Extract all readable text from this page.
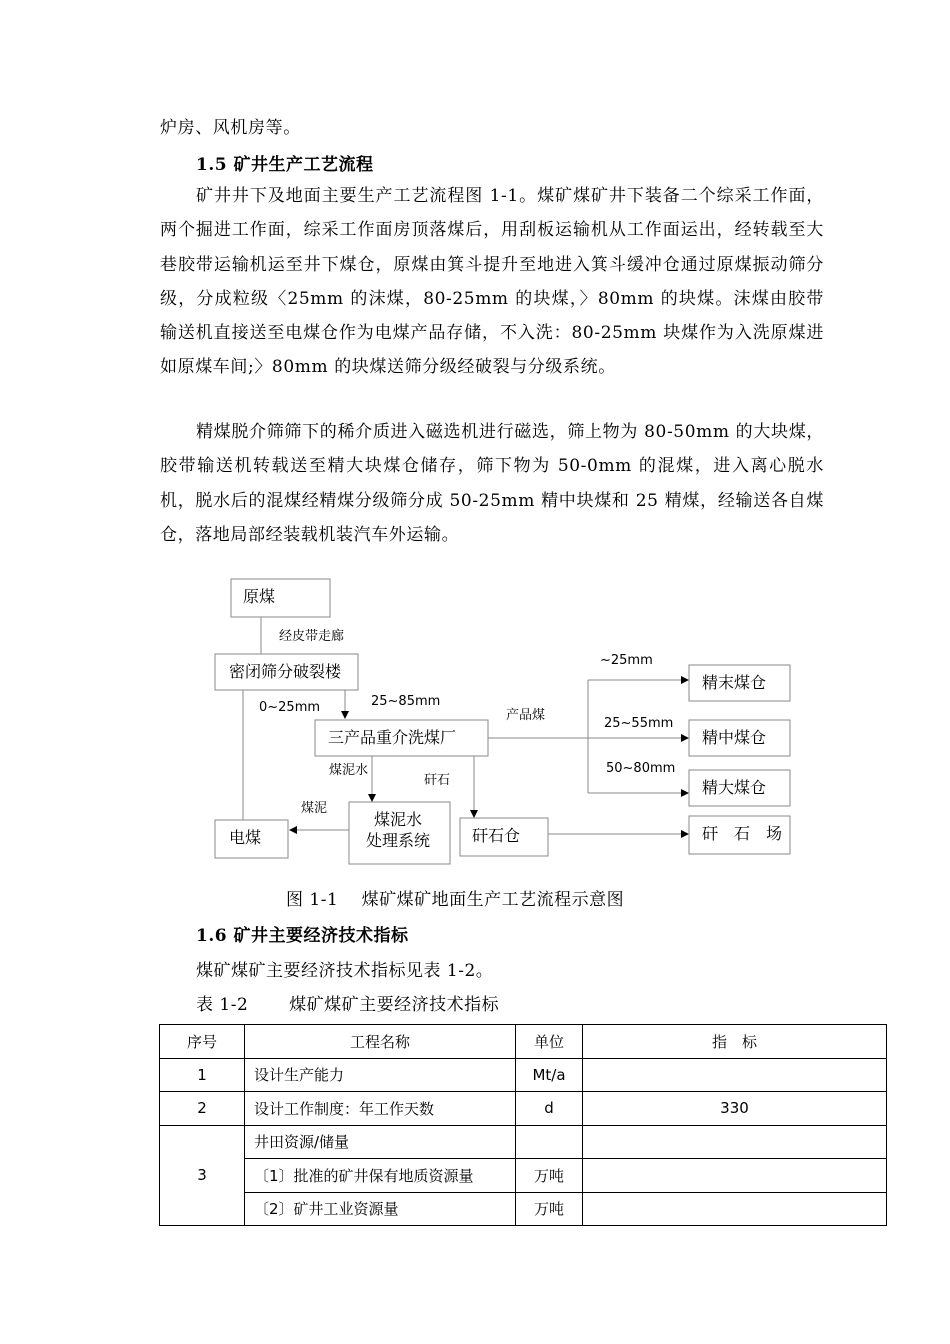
炉房、风机房等。

1.5 矿井生产工艺流程

矿井井下及地面主要生产工艺流程图 1-1。煤矿煤矿井下装备二个综采工作面，两个掘进工作面，综采工作面房顶落煤后，用刮板运输机从工作面运出，经转载至大巷胶带运输机运至井下煤仓，原煤由箕斗提升至地进入箕斗缓冲仓通过原煤振动筛分级，分成粒级〈25mm 的沫煤，80-25mm 的块煤，〉80mm 的块煤。沫煤由胶带输送机直接送至电煤仓作为电煤产品存储，不入洗：80-25mm 块煤作为入洗原煤进如原煤车间;〉80mm 的块煤送筛分级经破裂与分级系统。

精煤脱介筛筛下的稀介质进入磁选机进行磁选，筛上物为 80-50mm 的大块煤，胶带输送机转载送至精大块煤仓储存，筛下物为 50-0mm 的混煤，进入离心脱水机，脱水后的混煤经精煤分级筛分成 50-25mm 精中块煤和 25 精煤，经输送各自煤仓，落地局部经装载机装汽车外运输。

原煤
密闭筛分破裂楼
三产品重介洗煤厂
精末煤仓
精中煤仓
精大煤仓
电煤
煤泥水
处理系统	矸石仓	矸　石　场
经皮带走廊
0~25mm	25~85mm
产品煤
~25mm
25~55mm
50~80mm
煤泥水
矸石
煤泥

图 1-1　 煤矿煤矿地面生产工艺流程示意图

1.6 矿井主要经济技术指标

煤矿煤矿主要经济技术指标见表 1-2。

表 1-2　　 煤矿煤矿主要经济技术指标

序号	工程名称	单位	指　标
1	设计生产能力	Mt/a	
2	设计工作制度：年工作天数	d	330
3	井田资源/储量		
	〔1〕批准的矿井保有地质资源量	万吨	
	〔2〕矿井工业资源量	万吨	
